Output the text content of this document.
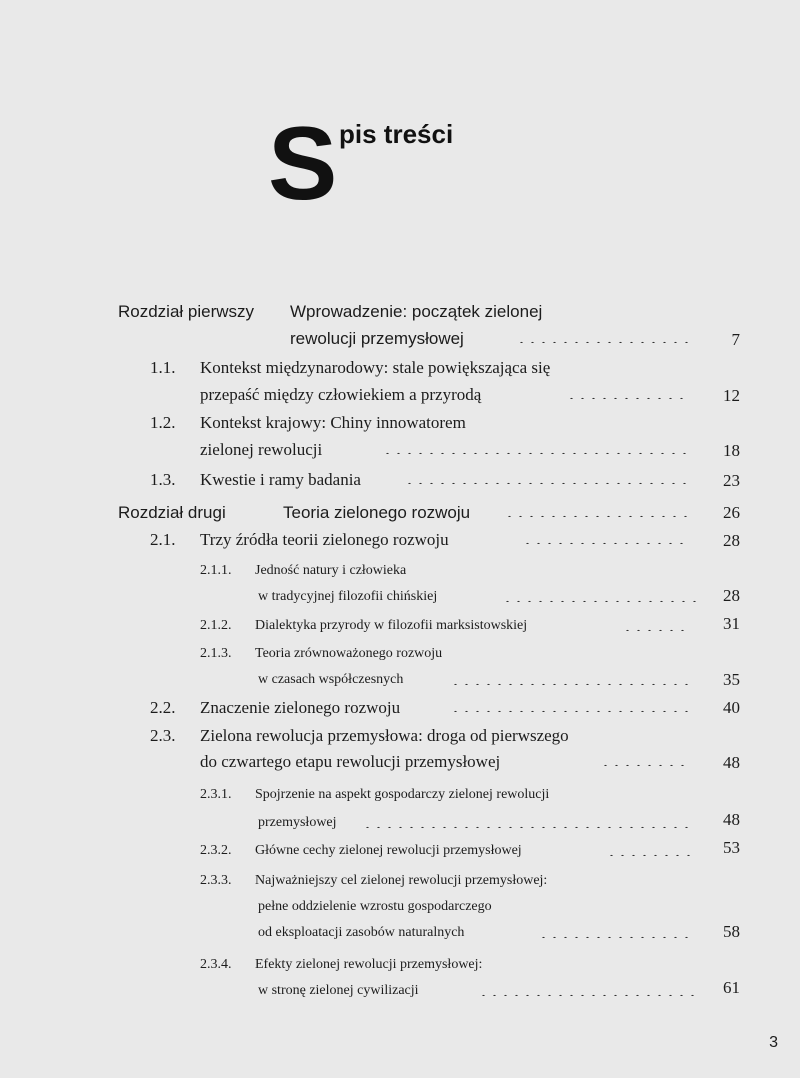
S pis treści
Rozdział pierwszy Wprowadzenie: początek zielonej
rewolucji przemysłowej	7
1.1. Kontekst międzynarodowy: stale powiększająca się
przepaść między człowiekiem a przyrodą	12
1.2. Kontekst krajowy: Chiny innowatorem
zielonej rewolucji	18
1.3. Kwestie i ramy badania	23
Rozdział drugi	Teoria zielonego rozwoju	26
2.1. Trzy źródła teorii zielonego rozwoju	28
2.1.1. Jedność natury i człowieka
w tradycyjnej filozofii chińskiej	28
2.1.2. Dialektyka przyrody w filozofii marksistowskiej	31
2.1.3. Teoria zrównoważonego rozwoju
w czasach współczesnych	35
2.2. Znaczenie zielonego rozwoju	40
2.3. Zielona rewolucja przemysłowa: droga od pierwszego
do czwartego etapu rewolucji przemysłowej	48
2.3.1. Spojrzenie na aspekt gospodarczy zielonej rewolucji
przemysłowej	48
2.3.2. Główne cechy zielonej rewolucji przemysłowej	53
2.3.3. Najważniejszy cel zielonej rewolucji przemysłowej:
pełne oddzielenie wzrostu gospodarczego
od eksploatacji zasobów naturalnych	58
2.3.4. Efekty zielonej rewolucji przemysłowej:
w stronę zielonej cywilizacji	61
3
